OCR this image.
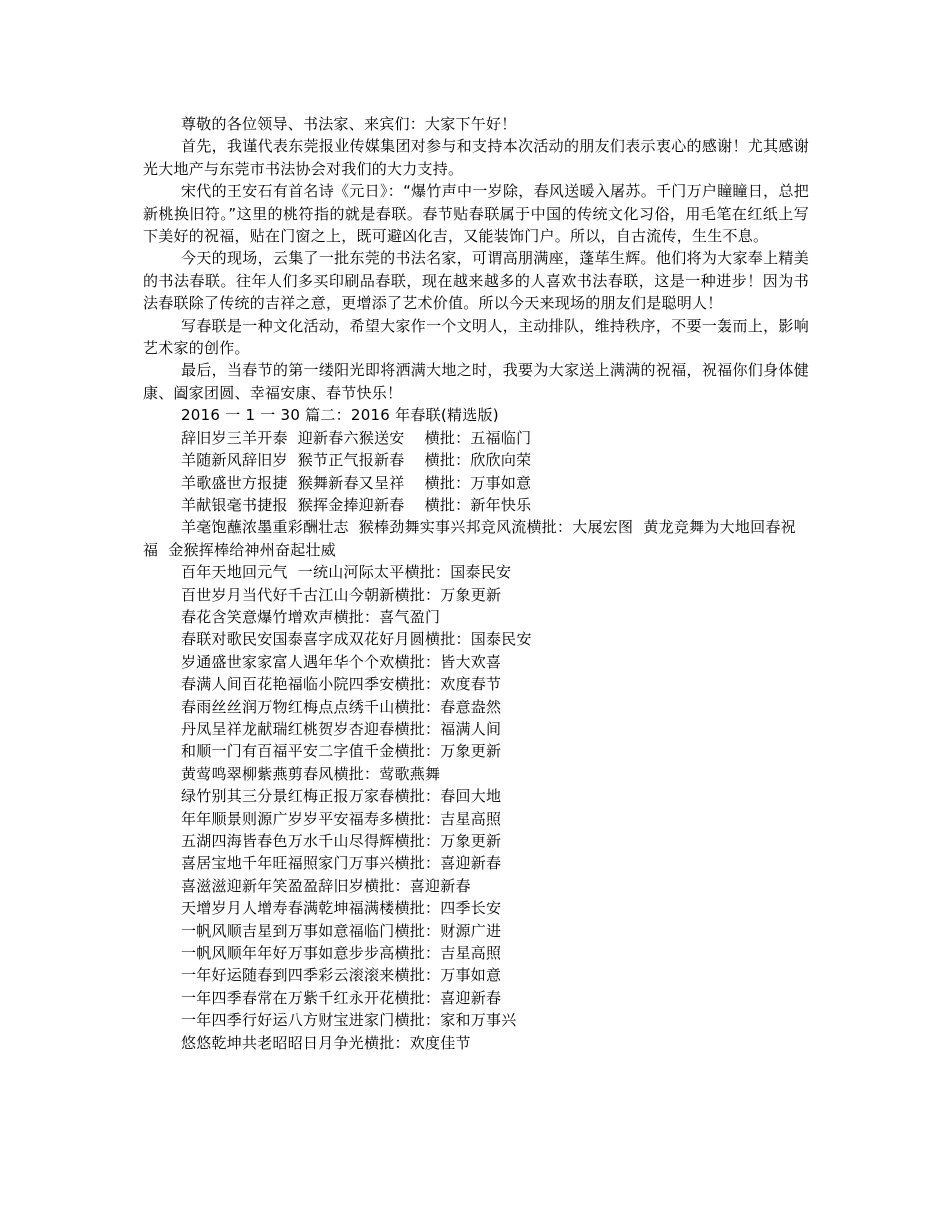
尊敬的各位领导、书法家、来宾们：大家下午好！

首先，我谨代表东莞报业传媒集团对参与和支持本次活动的朋友们表示衷心的感谢！尤其感谢光大地产与东莞市书法协会对我们的大力支持。

宋代的王安石有首名诗《元日》：“爆竹声中一岁除，春风送暖入屠苏。千门万户瞳瞳日，总把新桃换旧符。”这里的桃符指的就是春联。春节贴春联属于中国的传统文化习俗，用毛笔在红纸上写下美好的祝福，贴在门窗之上，既可避凶化吉，又能装饰门户。所以，自古流传，生生不息。

今天的现场，云集了一批东莞的书法名家，可谓高朋满座，蓬荜生辉。他们将为大家奉上精美的书法春联。往年人们多买印刷品春联，现在越来越多的人喜欢书法春联，这是一种进步！因为书法春联除了传统的吉祥之意，更增添了艺术价值。所以今天来现场的朋友们是聪明人！

写春联是一种文化活动，希望大家作一个文明人，主动排队，维持秩序，不要一轰而上，影响艺术家的创作。

最后，当春节的第一缕阳光即将洒满大地之时，我要为大家送上满满的祝福，祝福你们身体健康、阖家团圆、幸福安康、春节快乐！

2016 一 1 一 30 篇二：2016 年春联(精选版)

辞旧岁三羊开泰  迎新春六猴送安    横批：五福临门

羊随新风辞旧岁  猴节正气报新春    横批：欣欣向荣

羊歌盛世方报捷  猴舞新春又呈祥    横批：万事如意

羊献银毫书捷报  猴挥金捧迎新春    横批：新年快乐

羊毫饱蘸浓墨重彩酬壮志  猴棒劲舞实事兴邦竞风流横批：大展宏图  黄龙竞舞为大地回春祝福  金猴挥棒给神州奋起壮威

百年天地回元气  一统山河际太平横批：国泰民安

百世岁月当代好千古江山今朝新横批：万象更新

春花含笑意爆竹增欢声横批：喜气盈门

春联对歌民安国泰喜字成双花好月圆横批：国泰民安

岁通盛世家家富人遇年华个个欢横批：皆大欢喜

春满人间百花艳福临小院四季安横批：欢度春节

春雨丝丝润万物红梅点点绣千山横批：春意盎然

丹凤呈祥龙献瑞红桃贺岁杏迎春横批：福满人间

和顺一门有百福平安二字值千金横批：万象更新

黄莺鸣翠柳紫燕剪春风横批：莺歌燕舞

绿竹别其三分景红梅正报万家春横批：春回大地

年年顺景则源广岁岁平安福寿多横批：吉星高照

五湖四海皆春色万水千山尽得辉横批：万象更新

喜居宝地千年旺福照家门万事兴横批：喜迎新春

喜滋滋迎新年笑盈盈辞旧岁横批：喜迎新春

天增岁月人增寿春满乾坤福满楼横批：四季长安

一帆风顺吉星到万事如意福临门横批：财源广进

一帆风顺年年好万事如意步步高横批：吉星高照

一年好运随春到四季彩云滚滚来横批：万事如意

一年四季春常在万紫千红永开花横批：喜迎新春

一年四季行好运八方财宝进家门横批：家和万事兴

悠悠乾坤共老昭昭日月争光横批：欢度佳节
